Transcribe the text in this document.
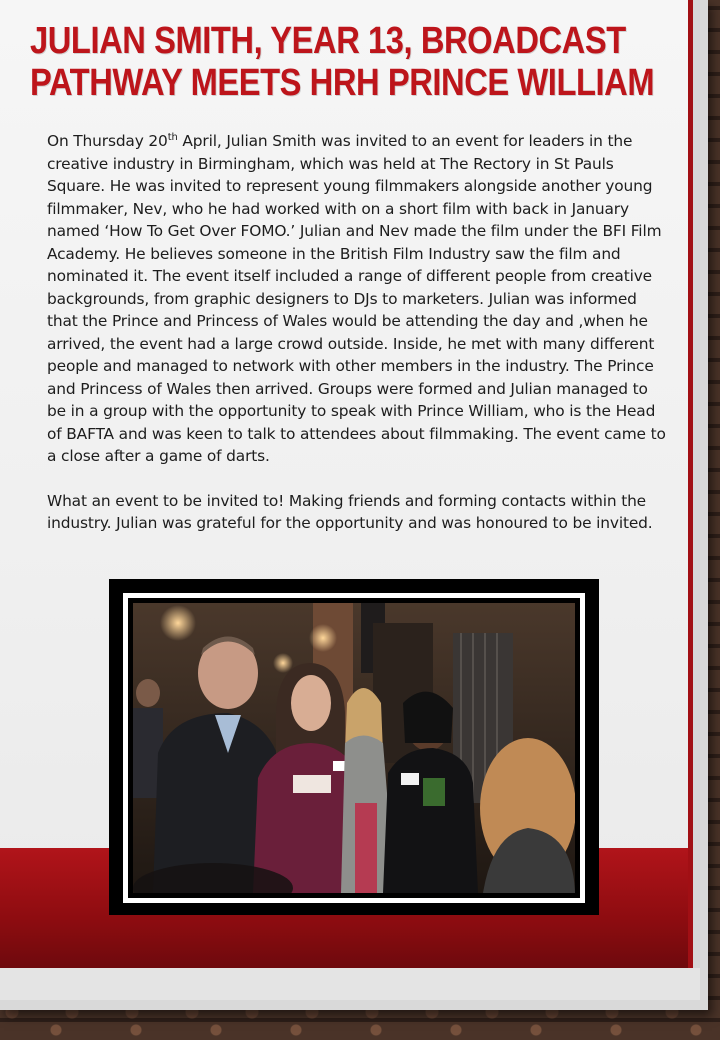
JULIAN SMITH, YEAR 13, BROADCAST
PATHWAY MEETS HRH PRINCE WILLIAM

On Thursday 20th April, Julian Smith was invited to an event for leaders in the creative industry in Birmingham, which was held at The Rectory in St Pauls Square. He was invited to represent young filmmakers alongside another young filmmaker, Nev, who he had worked with on a short film with back in January named ‘How To Get Over FOMO.’ Julian and Nev made the film under the BFI Film Academy. He believes someone in the British Film Industry saw the film and nominated it. The event itself included a range of different people from creative backgrounds, from graphic designers to DJs to marketers. Julian was informed that the Prince and Princess of Wales would be attending the day and ,when he arrived, the event had a large crowd outside. Inside, he met with many different people and managed to network with other members in the industry. The Prince and Princess of Wales then arrived. Groups were formed and Julian managed to be in a group with the opportunity to speak with Prince William, who is the Head of BAFTA and was keen to talk to attendees about filmmaking. The event came to a close after a game of darts.

What an event to be invited to! Making friends and forming contacts within the industry. Julian was grateful for the opportunity and was honoured to be invited.
